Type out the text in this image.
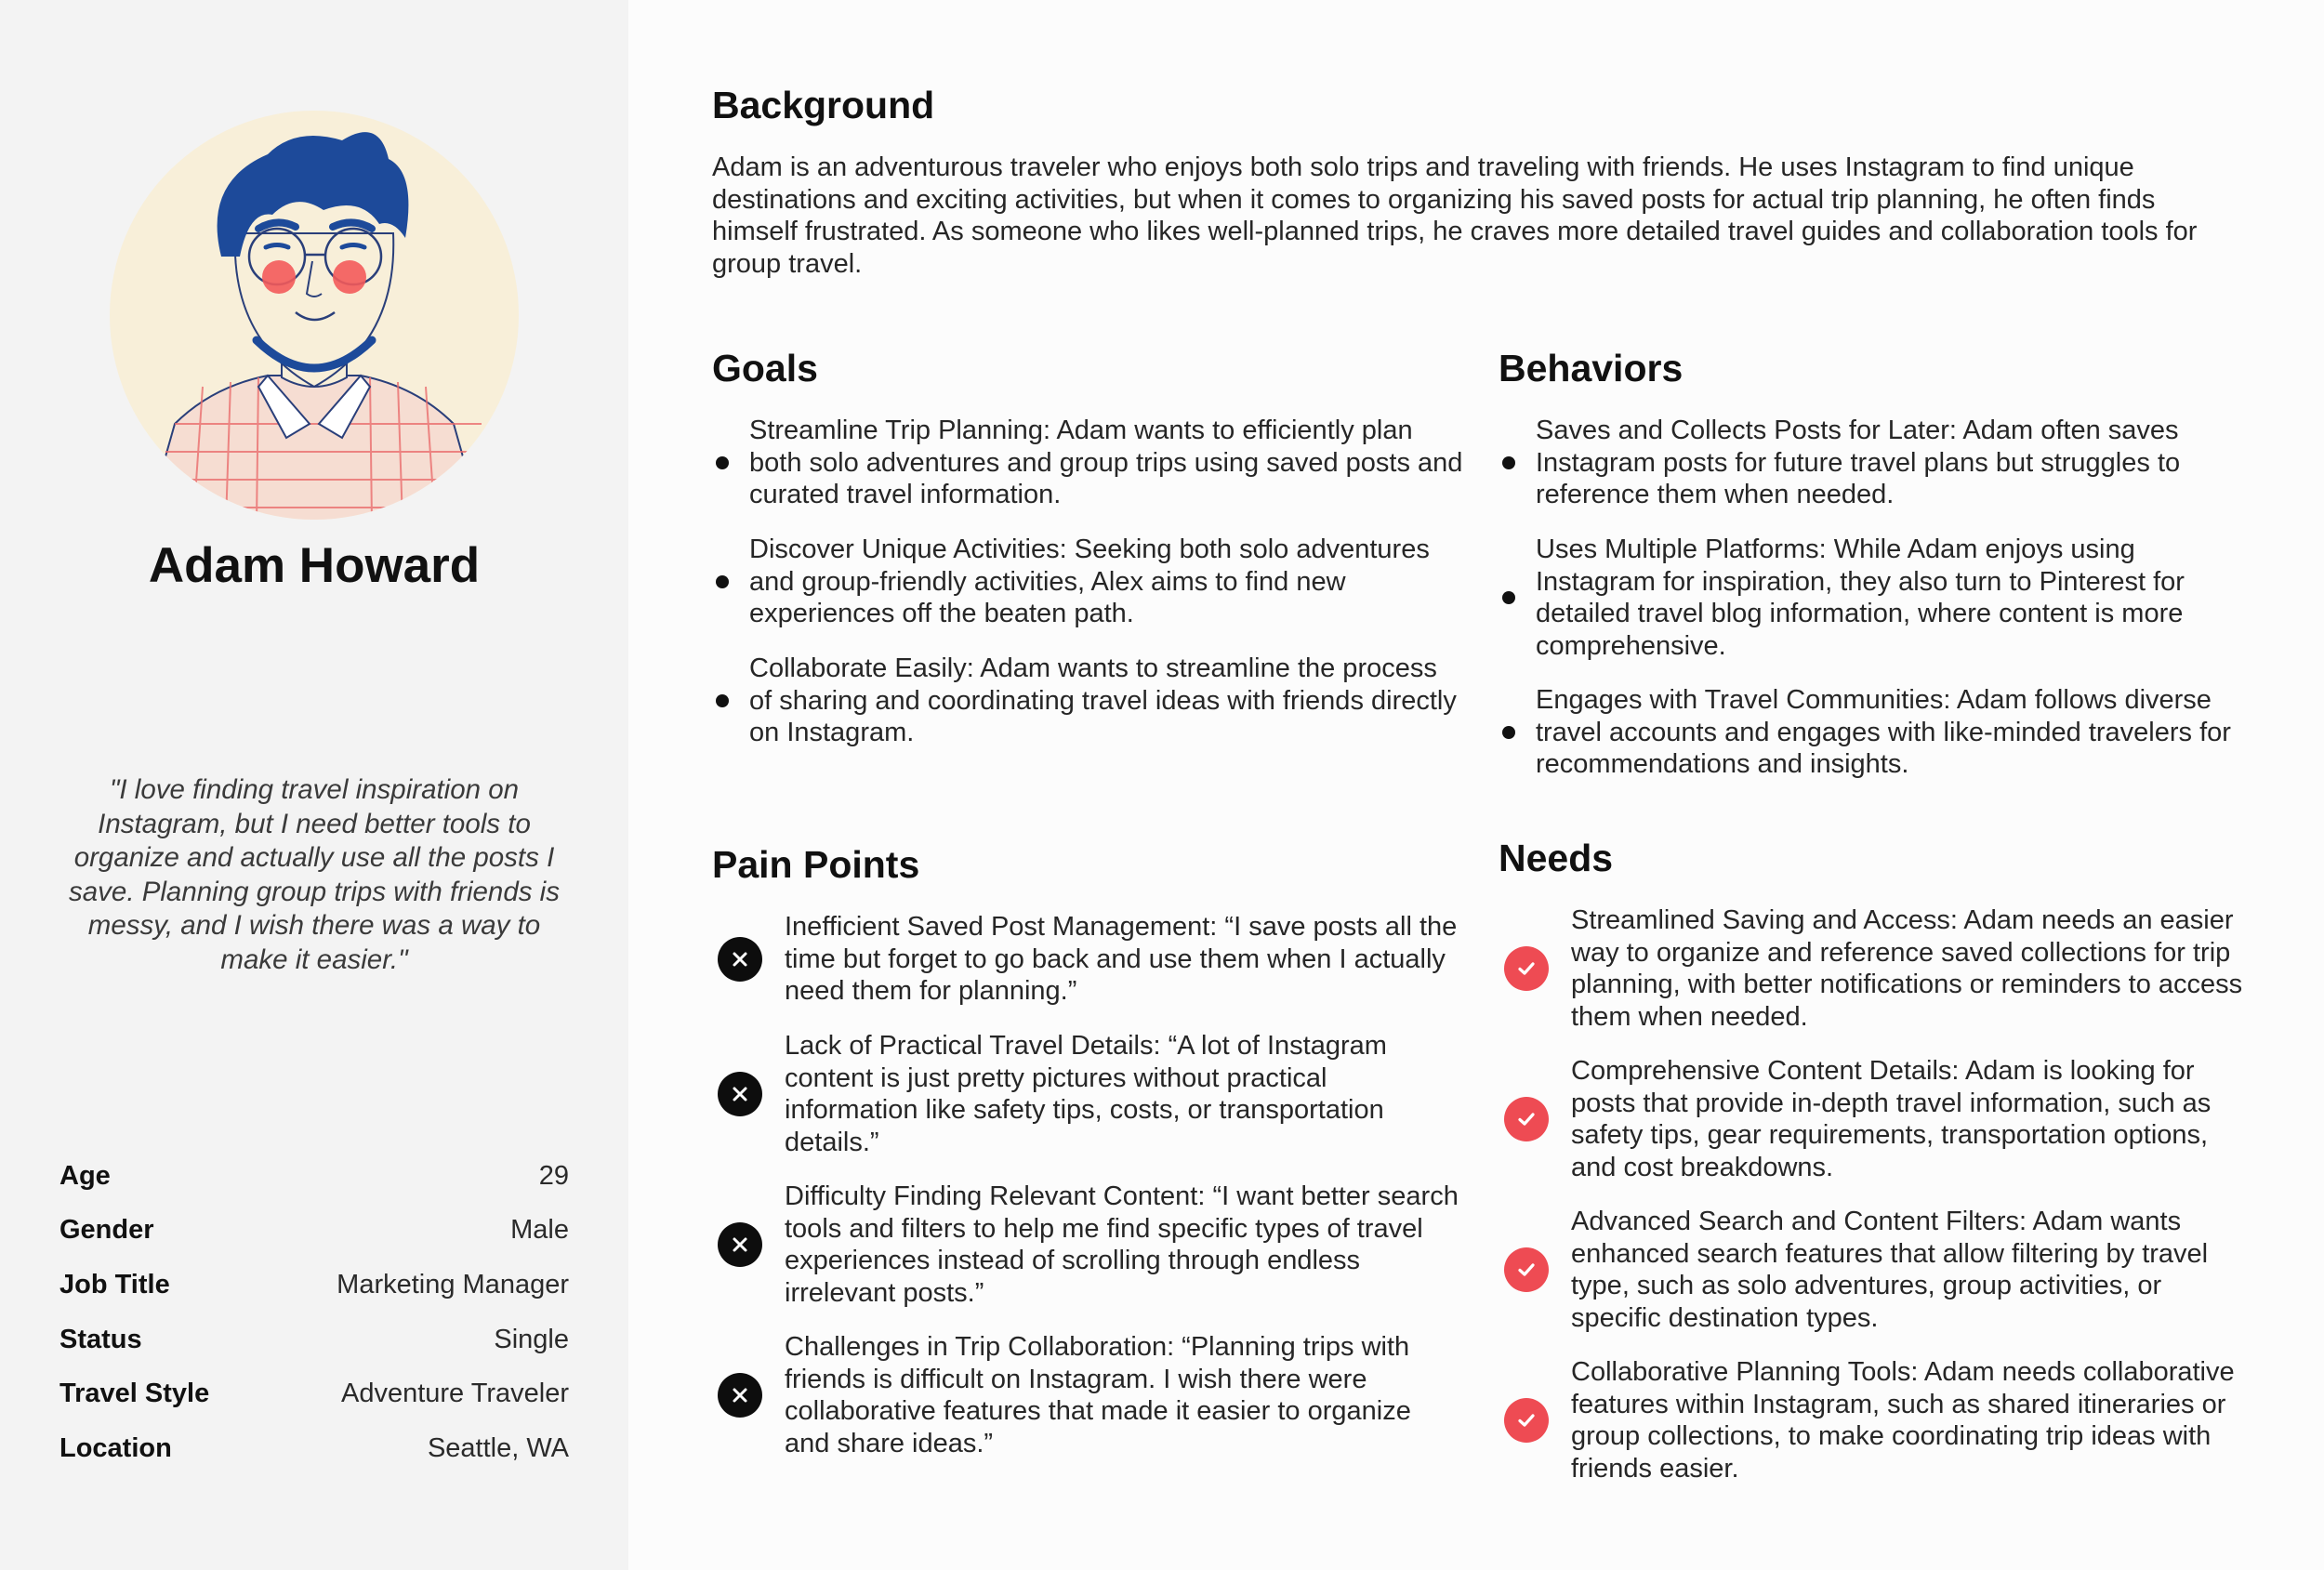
Adam Howard
"I love finding travel inspiration on Instagram, but I need better tools to organize and actually use all the posts I save. Planning group trips with friends is messy, and I wish there was a way to make it easier."
Age	29
Gender	Male
Job Title	Marketing Manager
Status	Single
Travel Style	Adventure Traveler
Location	Seattle, WA
Background
Adam is an adventurous traveler who enjoys both solo trips and traveling with friends. He uses Instagram to find unique destinations and exciting activities, but when it comes to organizing his saved posts for actual trip planning, he often finds himself frustrated. As someone who likes well-planned trips, he craves more detailed travel guides and collaboration tools for group travel.
Goals
Streamline Trip Planning: Adam wants to efficiently plan both solo adventures and group trips using saved posts and curated travel information.
Discover Unique Activities: Seeking both solo adventures and group-friendly activities, Alex aims to find new experiences off the beaten path.
Collaborate Easily: Adam wants to streamline the process of sharing and coordinating travel ideas with friends directly on Instagram.
Behaviors
Saves and Collects Posts for Later: Adam often saves Instagram posts for future travel plans but struggles to reference them when needed.
Uses Multiple Platforms: While Adam enjoys using Instagram for inspiration, they also turn to Pinterest for detailed travel blog information, where content is more comprehensive.
Engages with Travel Communities: Adam follows diverse travel accounts and engages with like-minded travelers for recommendations and insights.
Pain Points
Inefficient Saved Post Management: “I save posts all the time but forget to go back and use them when I actually need them for planning.”
Lack of Practical Travel Details: “A lot of Instagram content is just pretty pictures without practical information like safety tips, costs, or transportation details.”
Difficulty Finding Relevant Content: “I want better search tools and filters to help me find specific types of travel experiences instead of scrolling through endless irrelevant posts.”
Challenges in Trip Collaboration: “Planning trips with friends is difficult on Instagram. I wish there were collaborative features that made it easier to organize and share ideas.”
Needs
Streamlined Saving and Access: Adam needs an easier way to organize and reference saved collections for trip planning, with better notifications or reminders to access them when needed.
Comprehensive Content Details: Adam is looking for posts that provide in-depth travel information, such as safety tips, gear requirements, transportation options, and cost breakdowns.
Advanced Search and Content Filters: Adam wants enhanced search features that allow filtering by travel type, such as solo adventures, group activities, or specific destination types.
Collaborative Planning Tools: Adam needs collaborative features within Instagram, such as shared itineraries or group collections, to make coordinating trip ideas with friends easier.
